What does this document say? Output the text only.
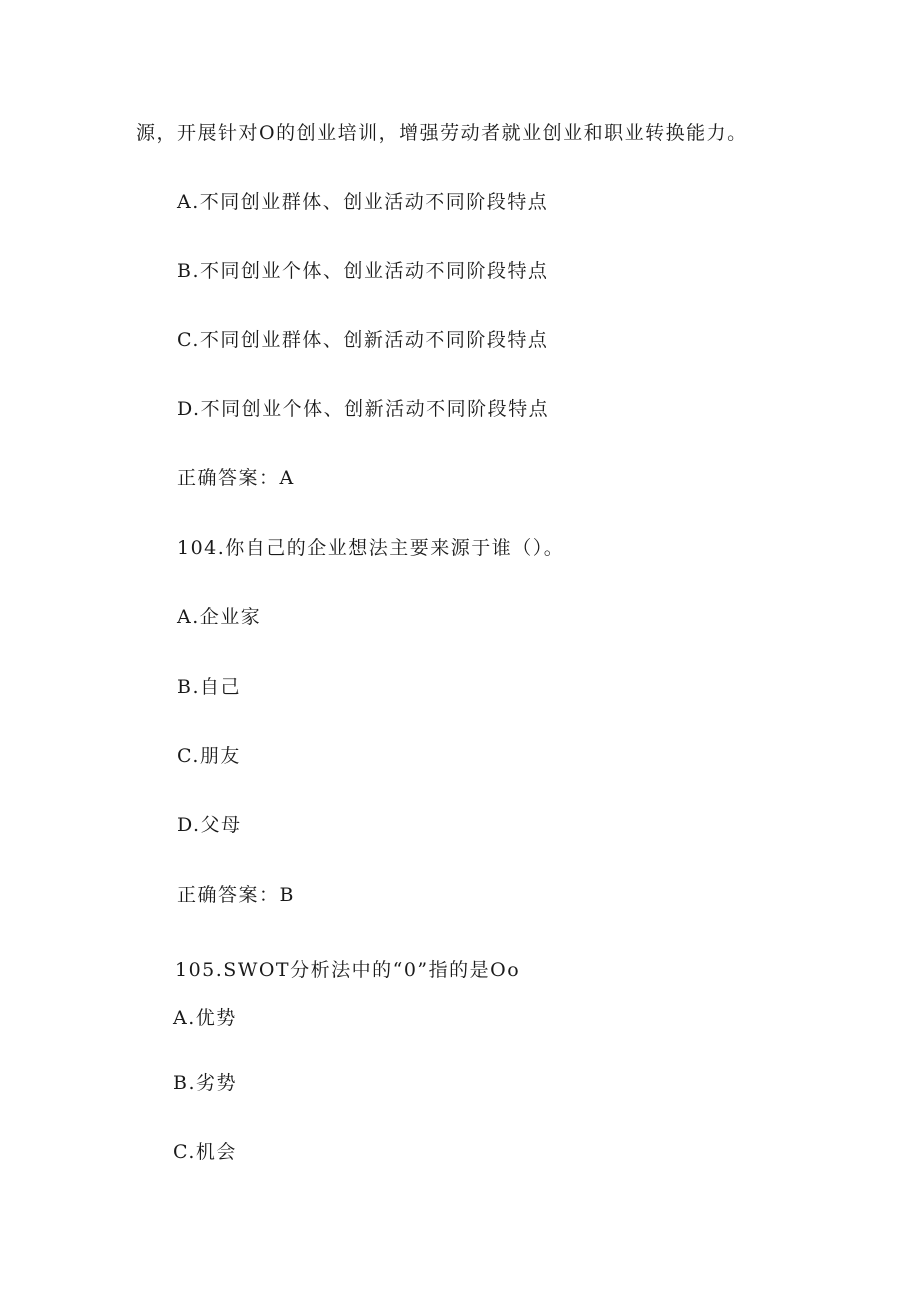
源，开展针对O的创业培训，增强劳动者就业创业和职业转换能力。
A.不同创业群体、创业活动不同阶段特点
B.不同创业个体、创业活动不同阶段特点
C.不同创业群体、创新活动不同阶段特点
D.不同创业个体、创新活动不同阶段特点
正确答案：A
104.你自己的企业想法主要来源于谁（）。
A.企业家
B.自己
C.朋友
D.父母
正确答案：B
105.SWOT分析法中的“0”指的是Oo
A.优势
B.劣势
C.机会
